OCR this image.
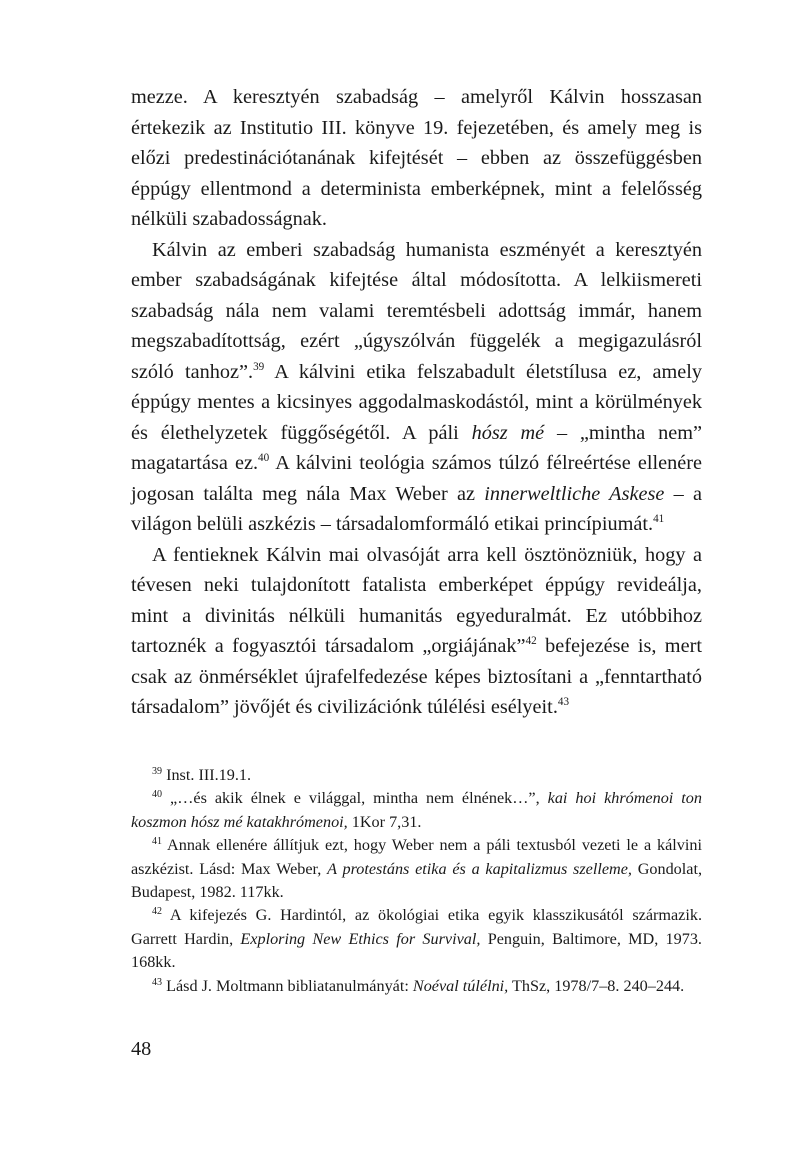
mezze. A keresztyén szabadság – amelyről Kálvin hosszasan értekezik az Institutio III. könyve 19. fejezetében, és amely meg is előzi predestinációtanának kifejtését – ebben az összefüggésben éppúgy ellentmond a determinista emberképnek, mint a felelősség nélküli szabadosságnak.

Kálvin az emberi szabadság humanista eszményét a keresztyén ember szabadságának kifejtése által módosította. A lelkiismereti szabadság nála nem valami teremtésbeli adottság immár, hanem megszabadítottság, ezért „úgyszólván függelék a megigazulásról szóló tanhoz”.$^{39}$ A kálvini etika felszabadult életstílusa ez, amely éppúgy mentes a kicsinyes aggodalmaskodástól, mint a körülmények és élethelyzetek függőségétől. A páli hósz mé – „mintha nem” magatartása ez.$^{40}$ A kálvini teológia számos túlzó félreértése ellenére jogosan találta meg nála Max Weber az innerweltliche Askese – a világon belüli aszkézis – társadalomformáló etikai princípiumát.$^{41}$

A fentieknek Kálvin mai olvasóját arra kell ösztönözniük, hogy a tévesen neki tulajdonított fatalista emberképet éppúgy revideálja, mint a divinitás nélküli humanitás egyeduralmát. Ez utóbbihoz tartoznék a fogyasztói társadalom „orgiájának”$^{42}$ befejezése is, mert csak az önmérséklet újrafelfedezése képes biztosítani a „fenntartható társadalom” jövőjét és civilizációnk túlélési esélyeit.$^{43}$

$^{39}$ Inst. III.19.1.

$^{40}$ „…és akik élnek e világgal, mintha nem élnének…”, kai hoi khrómenoi ton koszmon hósz mé katakhrómenoi, 1Kor 7,31.

$^{41}$ Annak ellenére állítjuk ezt, hogy Weber nem a páli textusból vezeti le a kálvini aszkézist. Lásd: Max Weber, A protestáns etika és a kapitalizmus szelleme, Gondolat, Budapest, 1982. 117kk.

$^{42}$ A kifejezés G. Hardintól, az ökológiai etika egyik klasszikusától származik. Garrett Hardin, Exploring New Ethics for Survival, Penguin, Baltimore, MD, 1973. 168kk.

$^{43}$ Lásd J. Moltmann bibliatanulmányát: Noéval túlélni, ThSz, 1978/7–8. 240–244.

48
